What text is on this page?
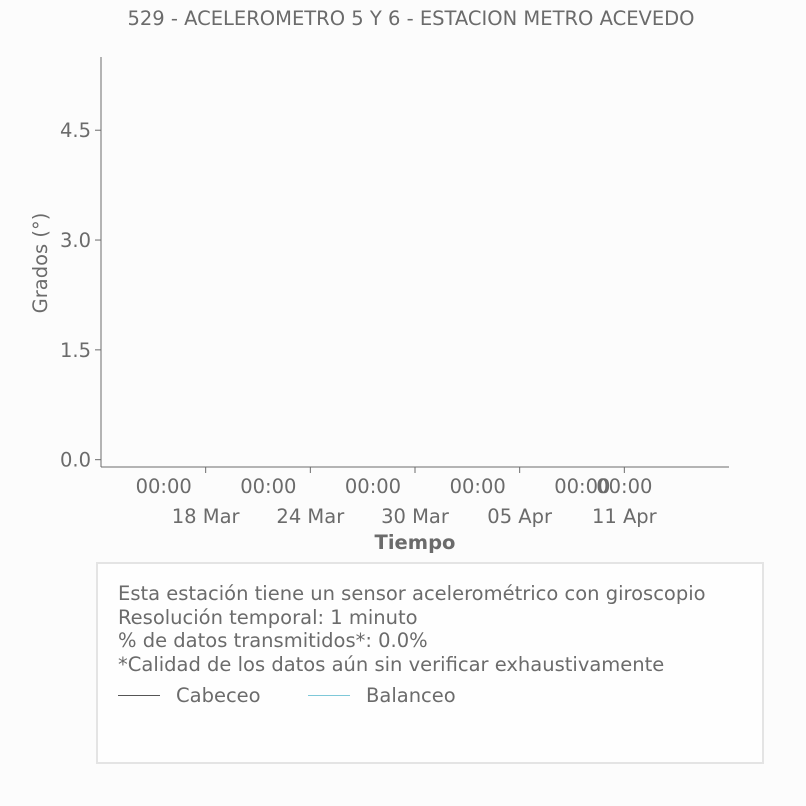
529 - ACELEROMETRO 5 Y 6 - ESTACION METRO ACEVEDO
0.0
1.5
3.0
4.5
00:00
18 Mar
00:00
24 Mar
00:00
30 Mar
00:00
05 Apr
00:00
11 Apr
00:00
Grados (°)
Tiempo
Esta estación tiene un sensor acelerométrico con giroscopio
Resolución temporal: 1 minuto
% de datos transmitidos*: 0.0%
*Calidad de los datos aún sin verificar exhaustivamente
Cabeceo	Balanceo
